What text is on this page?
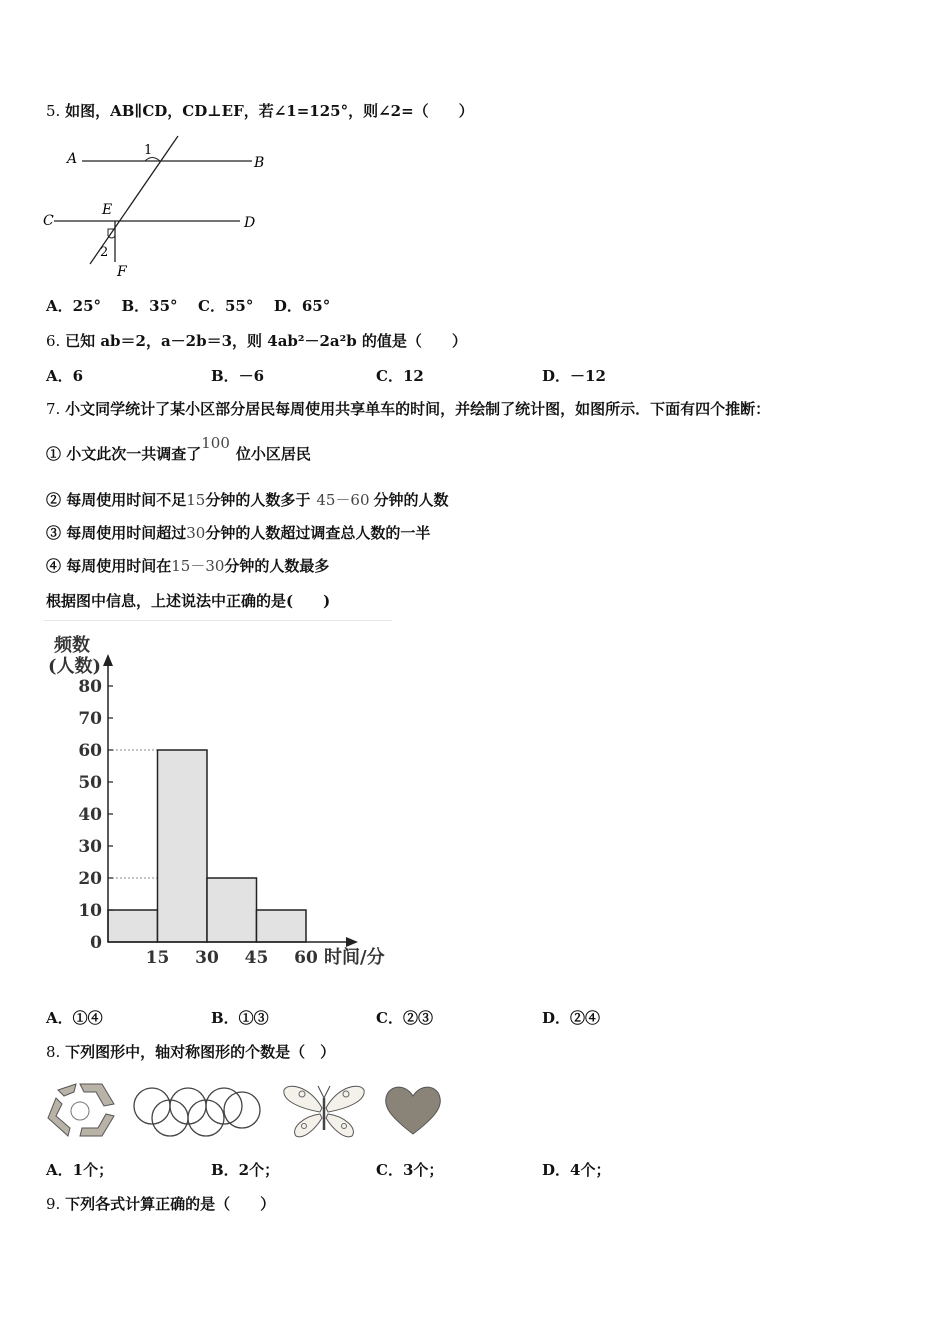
5. 如图，AB∥CD，CD⊥EF，若∠1=125°，则∠2=（　　）
A	B
C	D
E
F
1
2
A．25° B．35° C．55° D．65°
6. 已知 ab＝2，a－2b＝3，则 4ab²－2a²b 的值是（　　）
A．6	B．－6	C．12	D．－12
7. 小文同学统计了某小区部分居民每周使用共享单车的时间，并绘制了统计图，如图所示．下面有四个推断：
① 小文此次一共调查了100位小区居民
② 每周使用时间不足15分钟的人数多于 45－60 分钟的人数
③ 每周使用时间超过30分钟的人数超过调查总人数的一半
④ 每周使用时间在15－30分钟的人数最多
根据图中信息，上述说法中正确的是(　　)
频数
(人数)
时间/分
0
10
20
30
40
50
60
70
80
15 30 45 60
A．①④	B．①③	C．②③	D．②④
8. 下列图形中，轴对称图形的个数是（　）
A．1个；	B．2个；	C．3个；	D．4个；
9. 下列各式计算正确的是（　　）
